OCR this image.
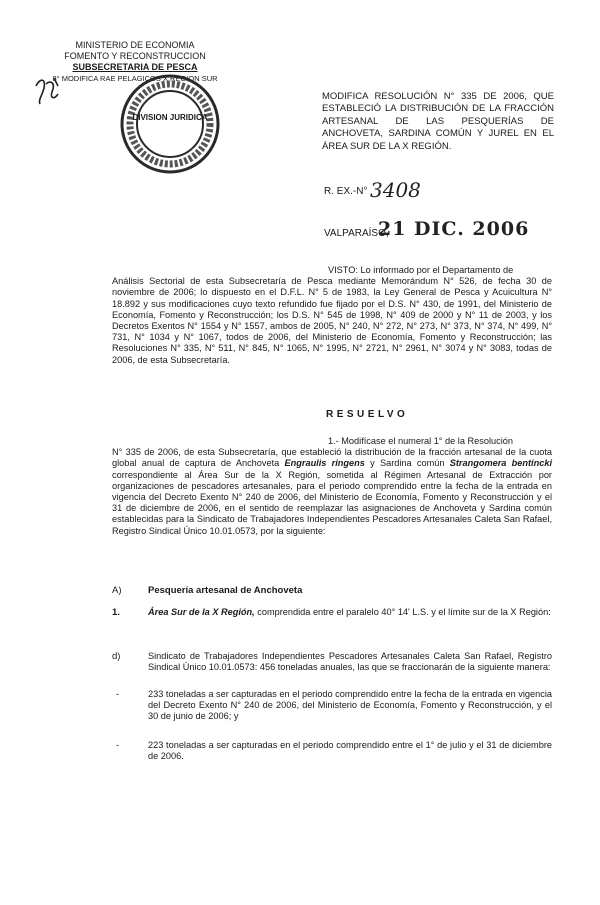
MINISTERIO DE ECONOMIA
FOMENTO Y RECONSTRUCCION
SUBSECRETARIA DE PESCA
8° MODIFICA RAE PELAGICOS X REGION SUR
DIVISION JURIDICA
MODIFICA RESOLUCIÓN N° 335 DE 2006, QUE ESTABLECIÓ LA DISTRIBUCIÓN DE LA FRACCIÓN ARTESANAL DE LAS PESQUERÍAS DE ANCHOVETA, SARDINA COMÚN Y JUREL EN EL ÁREA SUR DE LA X REGIÓN.
R. EX.-N° 3408
VALPARAÍSO,
21 DIC. 2006
VISTO: Lo informado por el Departamento de
Análisis Sectorial de esta Subsecretaría de Pesca mediante Memorándum N° 526, de fecha 30 de noviembre de 2006; lo dispuesto en el D.F.L. N° 5 de 1983, la Ley General de Pesca y Acuicultura N° 18.892 y sus modificaciones cuyo texto refundido fue fijado por el D.S. N° 430, de 1991, del Ministerio de Economía, Fomento y Reconstrucción; los D.S. N° 545 de 1998, N° 409 de 2000 y N° 11 de 2003, y los Decretos Exentos N° 1554 y N° 1557, ambos de 2005, N° 240, N° 272, N° 273, N° 373, N° 374, N° 499, N° 731, N° 1034 y N° 1067, todos de 2006, del Ministerio de Economía, Fomento y Reconstrucción; las Resoluciones N° 335, N° 511, N° 845, N° 1065, N° 1995, N° 2721, N° 2961, N° 3074 y N° 3083, todas de 2006, de esta Subsecretaría.
RESUELVO
1.- Modifícase el numeral 1° de la Resolución
N° 335 de 2006, de esta Subsecretaría, que estableció la distribución de la fracción artesanal de la cuota global anual de captura de Anchoveta Engraulis ringens y Sardina común Strangomera bentincki correspondiente al Área Sur de la X Región, sometida al Régimen Artesanal de Extracción por organizaciones de pescadores artesanales, para el periodo comprendido entre la fecha de la entrada en vigencia del Decreto Exento N° 240 de 2006, del Ministerio de Economía, Fomento y Reconstrucción y el 31 de diciembre de 2006, en el sentido de reemplazar las asignaciones de Anchoveta y Sardina común establecidas para la Sindicato de Trabajadores Independientes Pescadores Artesanales Caleta San Rafael, Registro Sindical Único 10.01.0573, por la siguiente:
A)	Pesquería artesanal de Anchoveta
1.	Área Sur de la X Región, comprendida entre el paralelo 40° 14' L.S. y el límite sur de la X Región:
d)	Sindicato de Trabajadores Independientes Pescadores Artesanales Caleta San Rafael, Registro Sindical Único 10.01.0573: 456 toneladas anuales, las que se fraccionarán de la siguiente manera:
-	233 toneladas a ser capturadas en el periodo comprendido entre la fecha de la entrada en vigencia del Decreto Exento N° 240 de 2006, del Ministerio de Economía, Fomento y Reconstrucción, y el 30 de junio de 2006; y
-	223 toneladas a ser capturadas en el periodo comprendido entre el 1° de julio y el 31 de diciembre de 2006.
